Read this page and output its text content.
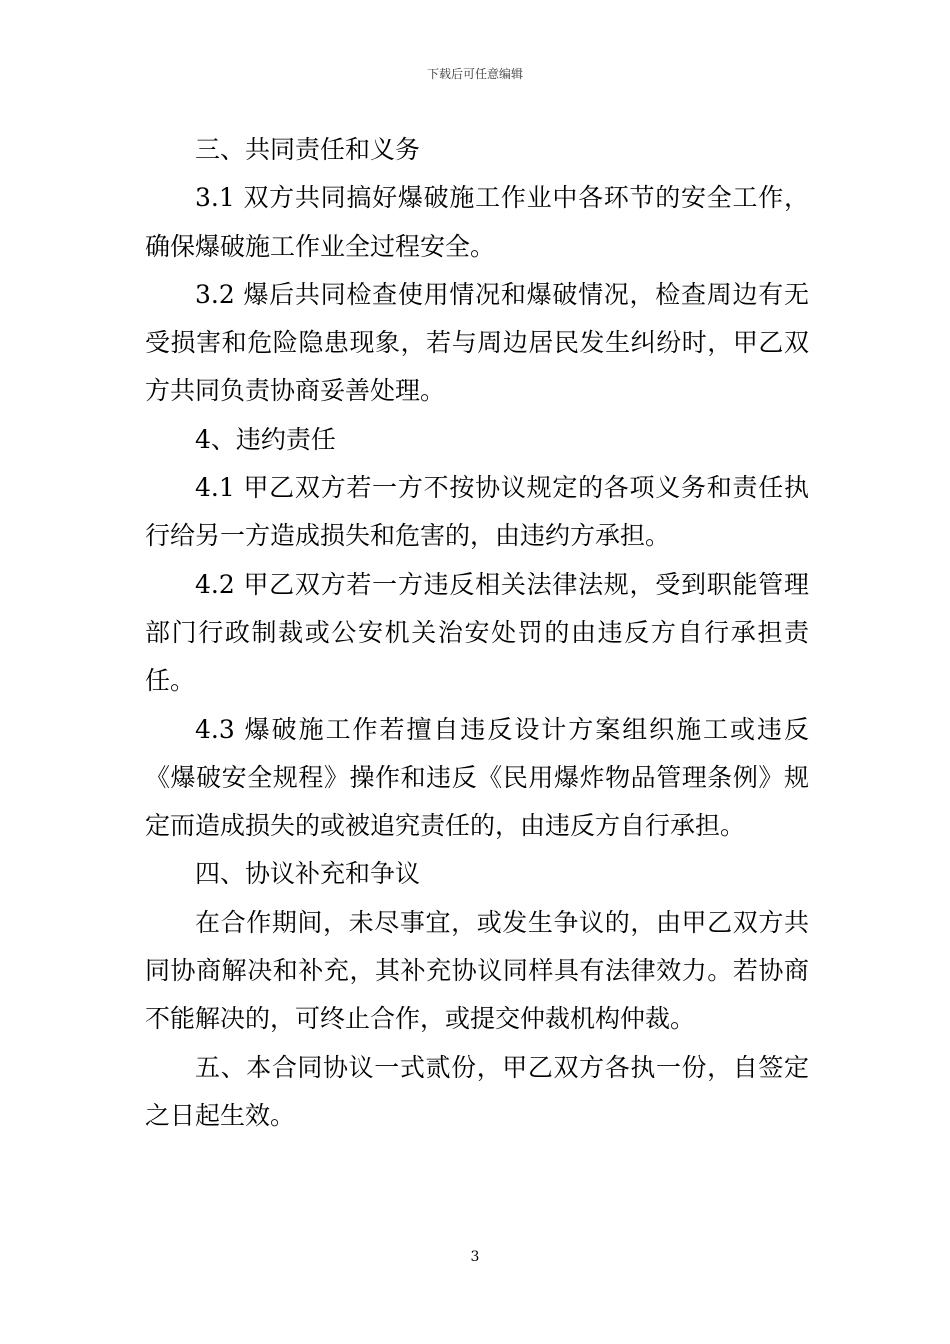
下载后可任意编辑

三、共同责任和义务

3.1 双方共同搞好爆破施工作业中各环节的安全工作，确保爆破施工作业全过程安全。

3.2 爆后共同检查使用情况和爆破情况，检查周边有无受损害和危险隐患现象，若与周边居民发生纠纷时，甲乙双方共同负责协商妥善处理。

4、违约责任

4.1 甲乙双方若一方不按协议规定的各项义务和责任执行给另一方造成损失和危害的，由违约方承担。

4.2 甲乙双方若一方违反相关法律法规，受到职能管理部门行政制裁或公安机关治安处罚的由违反方自行承担责任。

4.3 爆破施工作若擅自违反设计方案组织施工或违反《爆破安全规程》操作和违反《民用爆炸物品管理条例》规定而造成损失的或被追究责任的，由违反方自行承担。

四、协议补充和争议

在合作期间，未尽事宜，或发生争议的，由甲乙双方共同协商解决和补充，其补充协议同样具有法律效力。若协商不能解决的，可终止合作，或提交仲裁机构仲裁。

五、本合同协议一式贰份，甲乙双方各执一份，自签定之日起生效。

3
